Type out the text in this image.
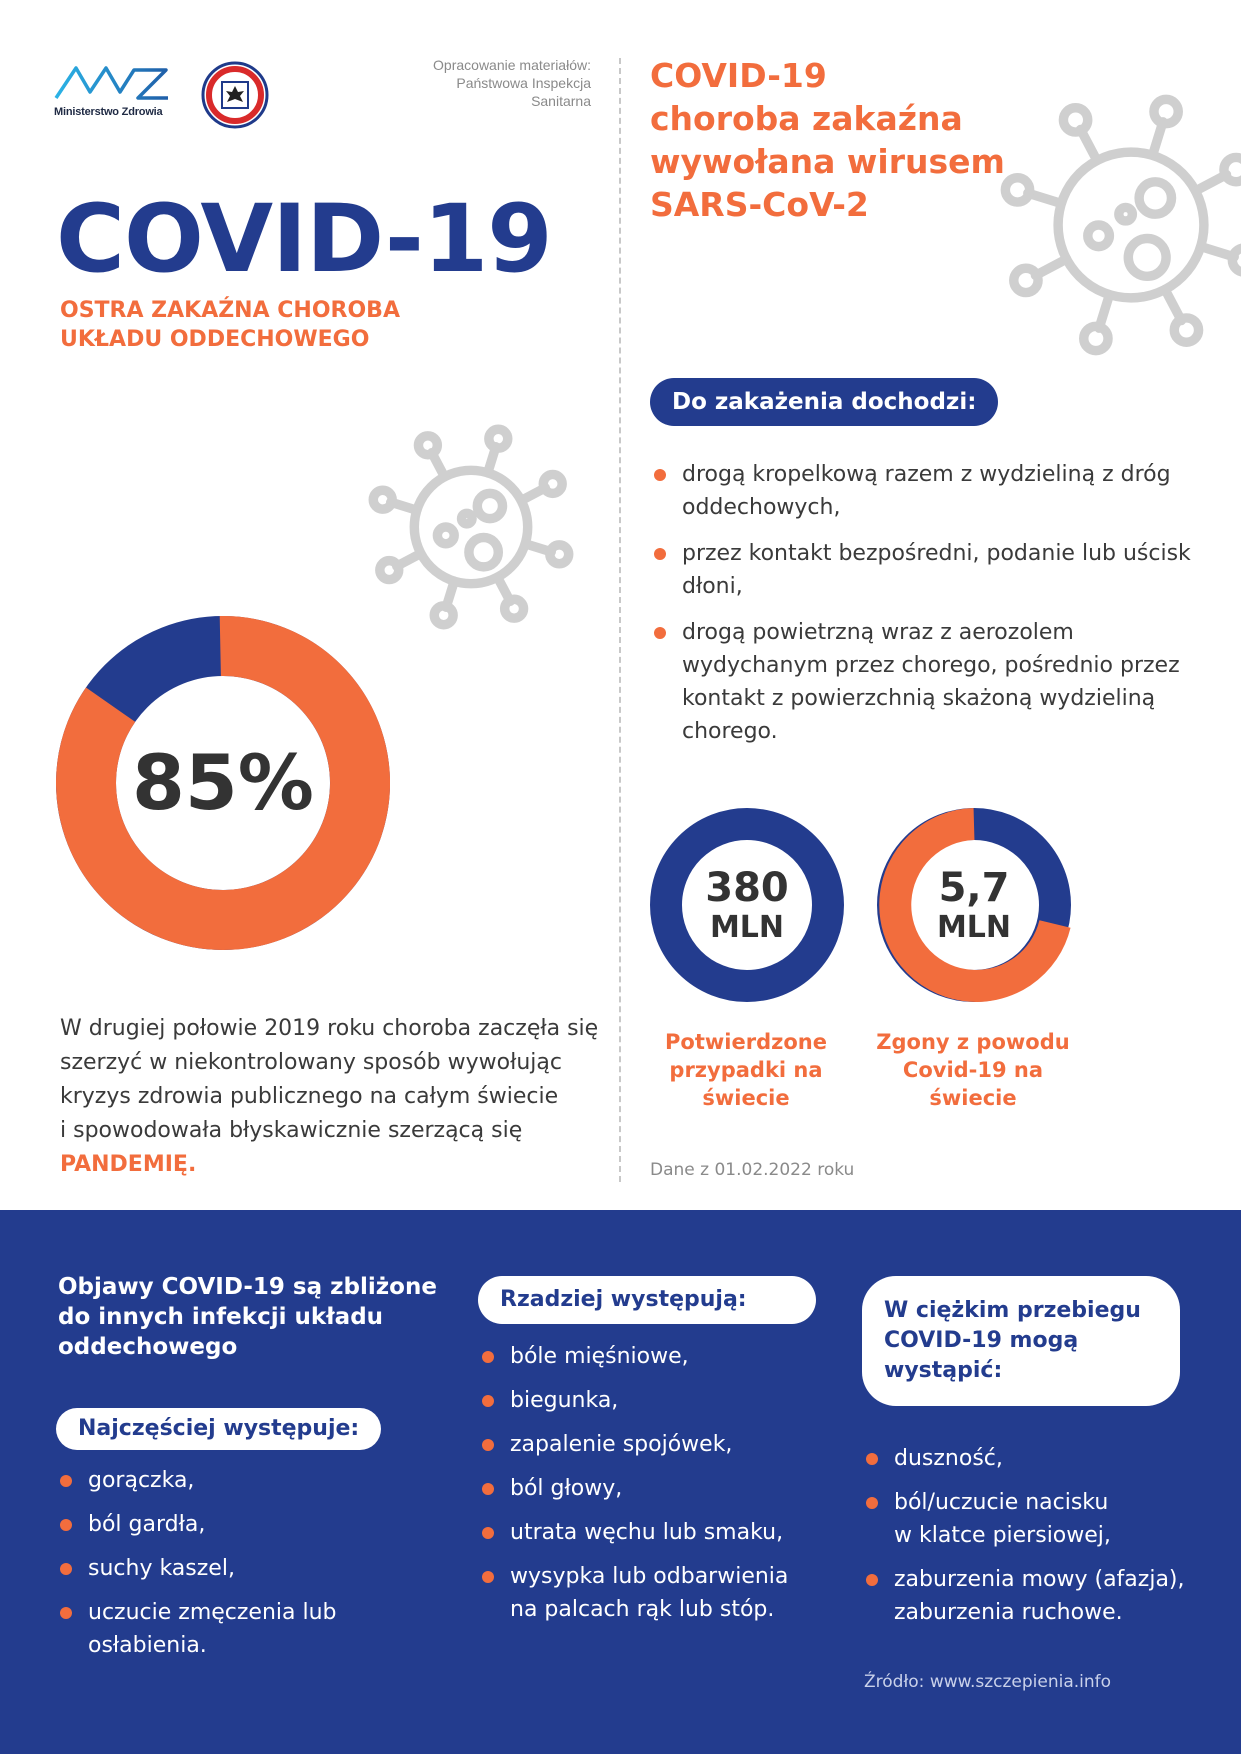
Ministerstwo Zdrowia
Opracowanie materiałów:
Państwowa Inspekcja
Sanitarna
COVID-19
OSTRA ZAKAŹNA CHOROBA
UKŁADU ODDECHOWEGO
85%
W drugiej połowie 2019 roku choroba zaczęła się
szerzyć w niekontrolowany sposób wywołując
kryzys zdrowia publicznego na całym świecie
i spowodowała błyskawicznie szerzącą się
PANDEMIĘ.
COVID-19
choroba zakaźna
wywołana wirusem
SARS-CoV-2
Do zakażenia dochodzi:
drogą kropelkową razem z wydzieliną z dróg
oddechowych,
przez kontakt bezpośredni, podanie lub uścisk
dłoni,
drogą powietrzną wraz z aerozolem
wydychanym przez chorego, pośrednio przez
kontakt z powierzchnią skażoną wydzieliną
chorego.
380
MLN
5,7
MLN
Potwierdzone
przypadki na
świecie
Zgony z powodu
Covid-19 na
świecie
Dane z 01.02.2022 roku
Objawy COVID-19 są zbliżone
do innych infekcji układu
oddechowego
Najczęściej występuje:
gorączka,
ból gardła,
suchy kaszel,
uczucie zmęczenia lub osłabienia.
Rzadziej występują:
bóle mięśniowe,
biegunka,
zapalenie spojówek,
ból głowy,
utrata węchu lub smaku,
wysypka lub odbarwienia
na palcach rąk lub stóp.
W ciężkim przebiegu
COVID-19 mogą
wystąpić:
duszność,
ból/uczucie nacisku
w klatce piersiowej,
zaburzenia mowy (afazja),
zaburzenia ruchowe.
Źródło: www.szczepienia.info
